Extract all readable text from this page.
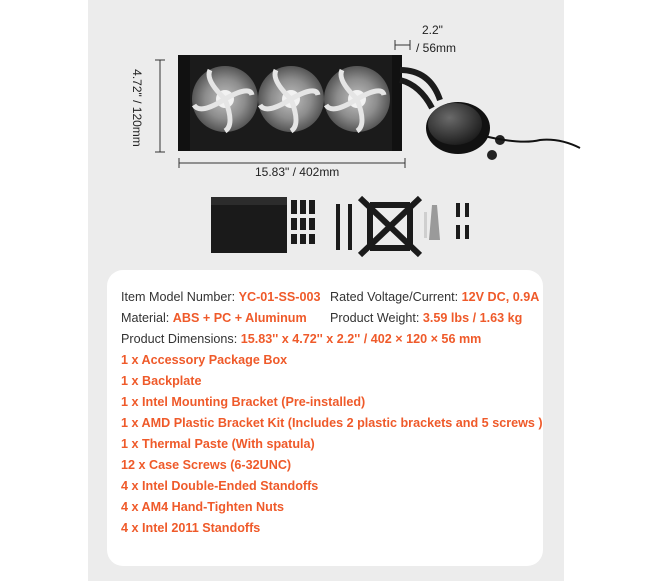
2.2"
/ 56mm
4.72" / 120mm
15.83" / 402mm
Item Model Number: YC-01-SS-003 Rated Voltage/Current: 12V DC, 0.9A
Material: ABS + PC + Aluminum Product Weight: 3.59 lbs / 1.63 kg
Product Dimensions: 15.83'' x 4.72'' x 2.2'' / 402 × 120 × 56 mm
1 x Accessory Package Box
1 x Backplate
1 x Intel Mounting Bracket (Pre-installed)
1 x AMD Plastic Bracket Kit (Includes 2 plastic brackets and 5 screws )
1 x Thermal Paste (With spatula)
12 x Case Screws (6-32UNC)
4 x Intel Double-Ended Standoffs
4 x AM4 Hand-Tighten Nuts
4 x Intel 2011 Standoffs
